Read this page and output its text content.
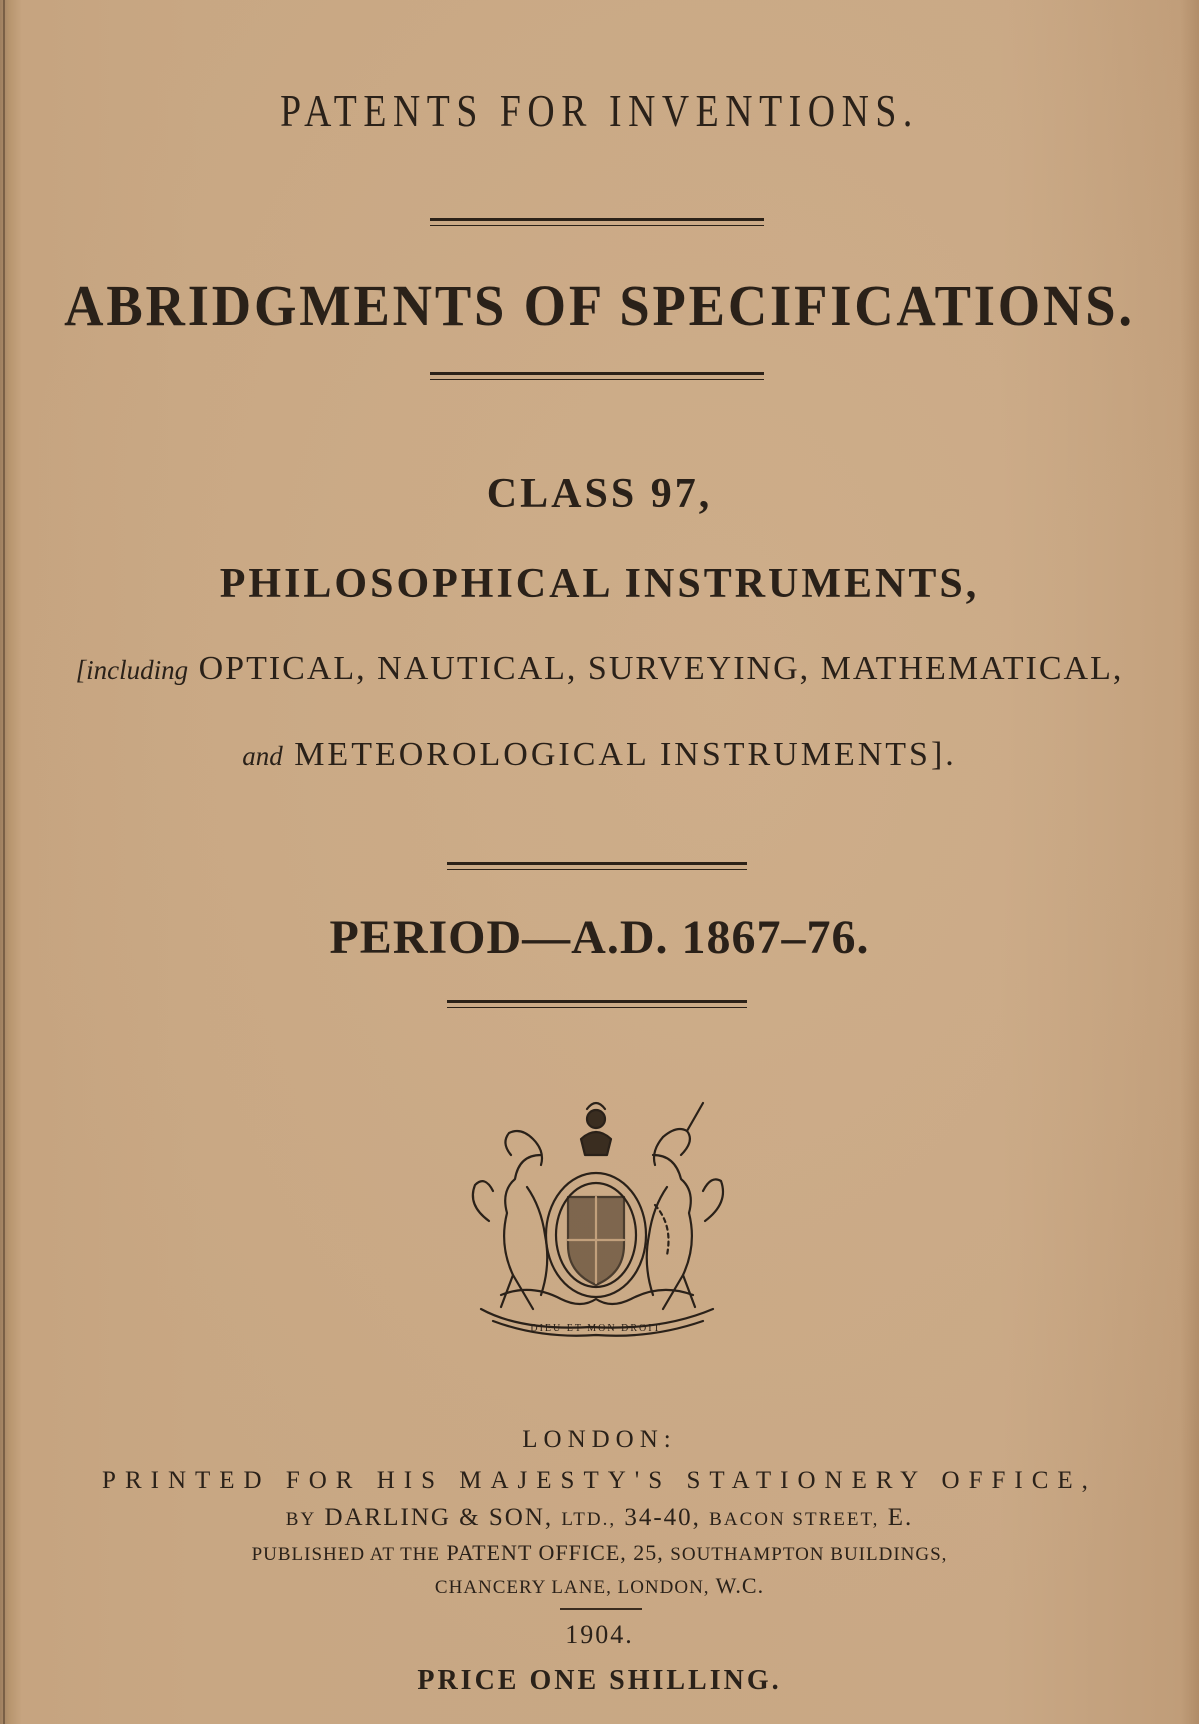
PATENTS FOR INVENTIONS.
ABRIDGMENTS OF SPECIFICATIONS.
CLASS 97,
PHILOSOPHICAL INSTRUMENTS,
[including OPTICAL, NAUTICAL, SURVEYING, MATHEMATICAL,
and METEOROLOGICAL INSTRUMENTS].
PERIOD—A.D. 1867–76.
DIEU ET MON DROIT
LONDON:
PRINTED FOR HIS MAJESTY'S STATIONERY OFFICE,
BY DARLING & SON, LTD., 34-40, BACON STREET, E.
PUBLISHED AT THE PATENT OFFICE, 25, SOUTHAMPTON BUILDINGS,
CHANCERY LANE, LONDON, W.C.
1904.
PRICE ONE SHILLING.
